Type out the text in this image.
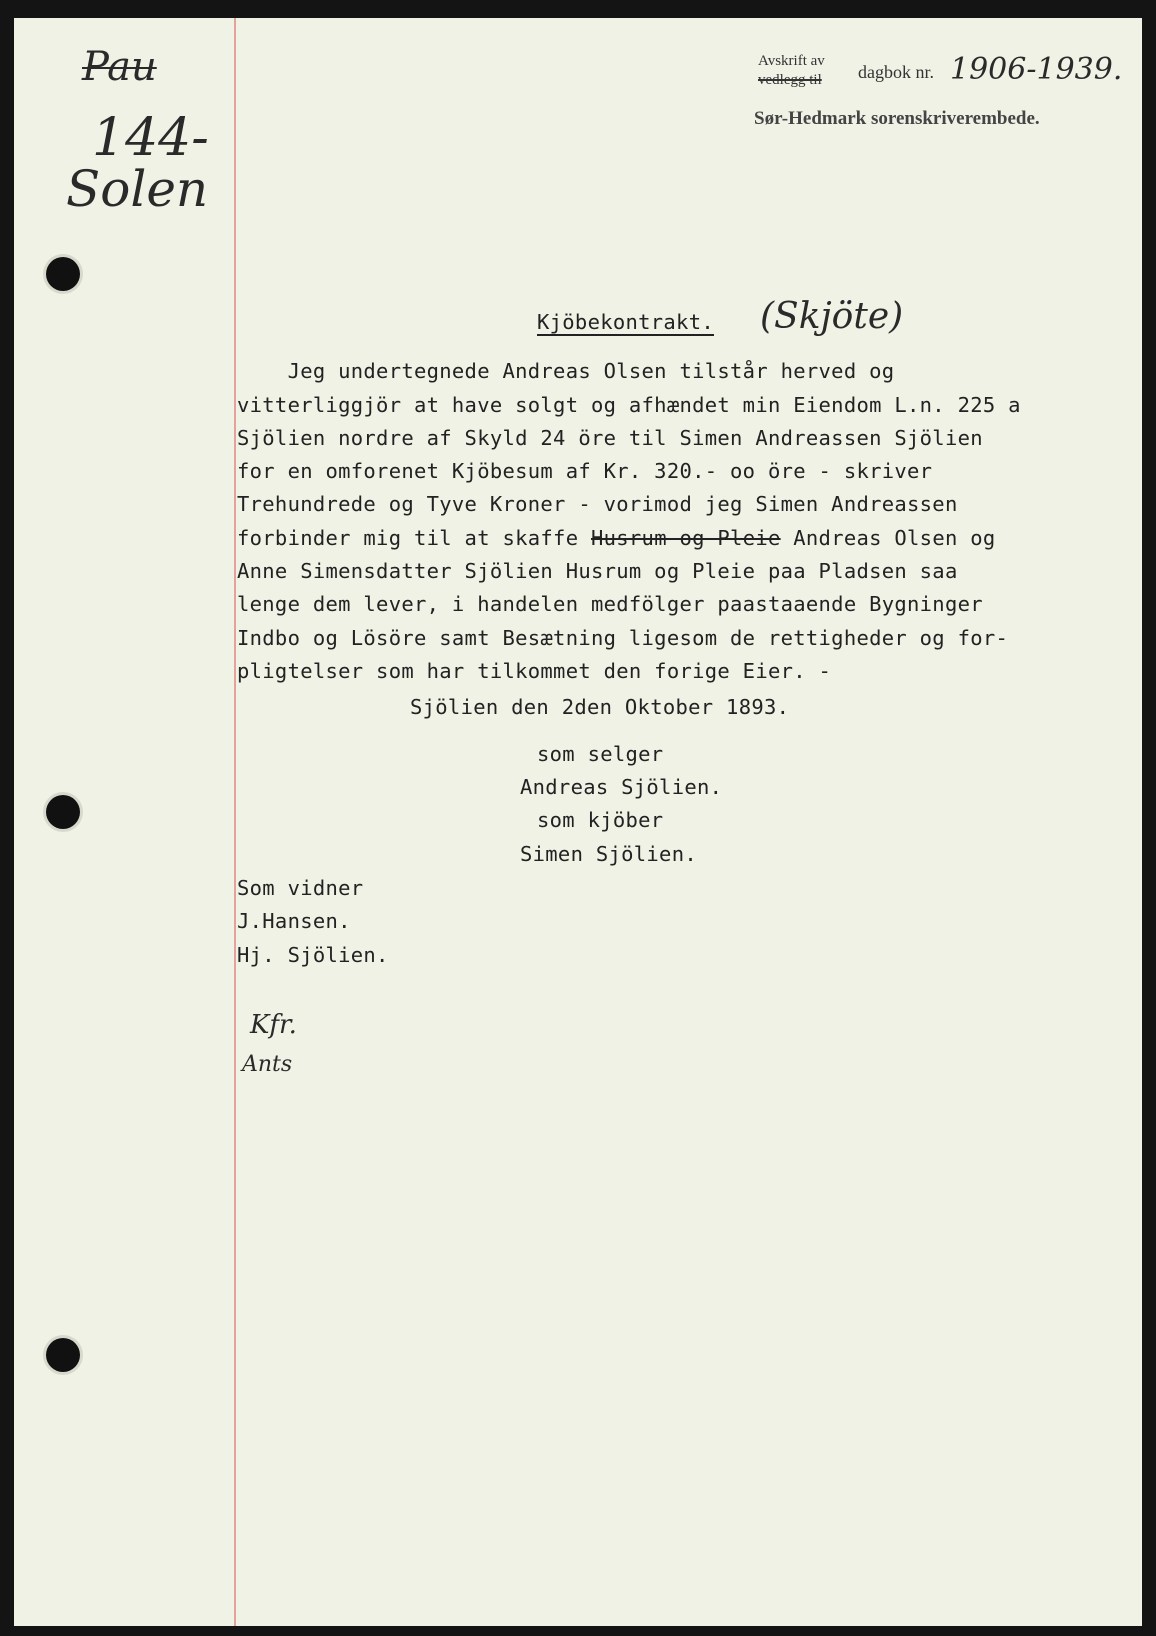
Pau
144-
Solen
Avskrift av
vedlegg til dagbok nr. 1906-1939.
Sør-Hedmark sorenskriverembede.
Kjöbekontrakt. (Skjöte)
Jeg undertegnede Andreas Olsen tilstår herved og
vitterliggjör at have solgt og afhændet min Eiendom L.n. 225 a
Sjölien nordre af Skyld 24 öre til Simen Andreassen Sjölien
for en omforenet Kjöbesum af Kr. 320.- oo öre - skriver
Trehundrede og Tyve Kroner - vorimod jeg Simen Andreassen
forbinder mig til at skaffe Husrum og Pleie Andreas Olsen og
Anne Simensdatter Sjölien Husrum og Pleie paa Pladsen saa
lenge dem lever, i handelen medfölger paastaaende Bygninger
Indbo og Lösöre samt Besætning ligesom de rettigheder og for-
pligtelser som har tilkommet den forige Eier. -
Sjölien den 2den Oktober 1893.
som selger
Andreas Sjölien.
som kjöber
Simen Sjölien.
Som vidner
J.Hansen.
Hj. Sjölien.
Kfr.
Ants
